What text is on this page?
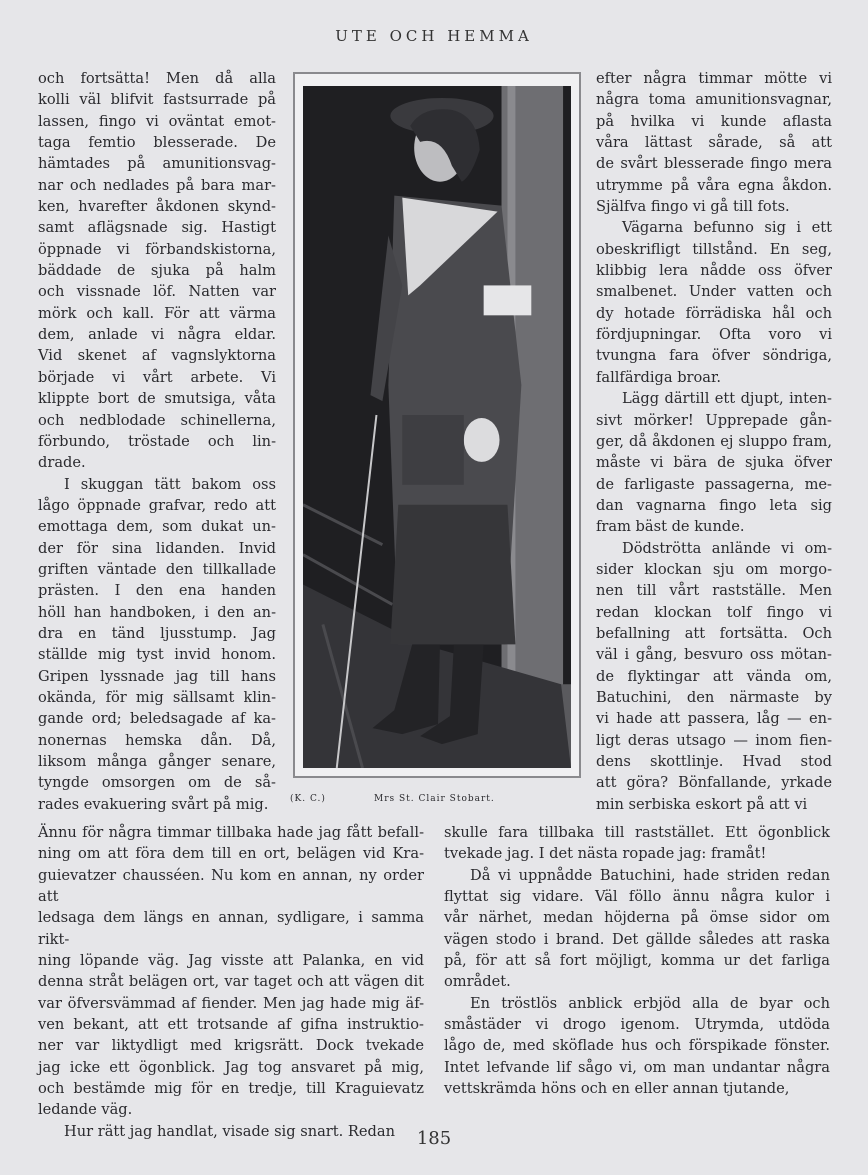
UTE OCH HEMMA

och fortsätta! Men då alla
kolli väl blifvit fastsurrade på
lassen, fingo vi oväntat emot-
taga femtio blesserade. De
hämtades på amunitionsvag-
nar och nedlades på bara mar-
ken, hvarefter åkdonen skynd-
samt aflägsnade sig. Hastigt
öppnade vi förbandskistorna,
bäddade de sjuka på halm
och vissnade löf. Natten var
mörk och kall. För att värma
dem, anlade vi några eldar.
Vid skenet af vagnslyktorna
började vi vårt arbete. Vi
klippte bort de smutsiga, våta
och nedblodade schinellerna,
förbundo, tröstade och lin-
drade.

I skuggan tätt bakom oss
lågo öppnade grafvar, redo att
emottaga dem, som dukat un-
der för sina lidanden. Invid
griften väntade den tillkallade
prästen. I den ena handen
höll han handboken, i den an-
dra en tänd ljusstump. Jag
ställde mig tyst invid honom.
Gripen lyssnade jag till hans
okända, för mig sällsamt klin-
gande ord; beledsagade af ka-
nonernas hemska dån. Då,
liksom många gånger senare,
tyngde omsorgen om de så-
rades evakuering svårt på mig.

efter några timmar mötte vi
några toma amunitionsvagnar,
på hvilka vi kunde aflasta
våra lättast sårade, så att
de svårt blesserade fingo mera
utrymme på våra egna åkdon.
Själfva fingo vi gå till fots.

Vägarna befunno sig i ett
obeskrifligt tillstånd. En seg,
klibbig lera nådde oss öfver
smalbenet. Under vatten och
dy hotade förrädiska hål och
fördjupningar. Ofta voro vi
tvungna fara öfver söndriga,
fallfärdiga broar.

Lägg därtill ett djupt, inten-
sivt mörker! Upprepade gån-
ger, då åkdonen ej sluppo fram,
måste vi bära de sjuka öfver
de farligaste passagerna, me-
dan vagnarna fingo leta sig
fram bäst de kunde.

Dödströtta anlände vi om-
sider klockan sju om morgo-
nen till vårt rastställe. Men
redan klockan tolf fingo vi
befallning att fortsätta. Och
väl i gång, besvuro oss mötan-
de flyktingar att vända om,
Batuchini, den närmaste by
vi hade att passera, låg — en-
ligt deras utsago — inom fien-
dens skottlinje. Hvad stod
att göra? Bönfallande, yrkade
min serbiska eskort på att vi

(K. C.)	Mrs St. Clair Stobart.

Ännu för några timmar tillbaka hade jag fått befall-
ning om att föra dem till en ort, belägen vid Kra-
guievatzer chausséen. Nu kom en annan, ny order att
ledsaga dem längs en annan, sydligare, i samma rikt-
ning löpande väg. Jag visste att Palanka, en vid
denna stråt belägen ort, var taget och att vägen dit
var öfversvämmad af fiender. Men jag hade mig äf-
ven bekant, att ett trotsande af gifna instruktio-
ner var liktydligt med krigsrätt. Dock tvekade
jag icke ett ögonblick. Jag tog ansvaret på mig,
och bestämde mig för en tredje, till Kraguievatz
ledande väg.

Hur rätt jag handlat, visade sig snart. Redan

skulle fara tillbaka till raststället. Ett ögonblick
tvekade jag. I det nästa ropade jag: framåt!

Då vi uppnådde Batuchini, hade striden redan
flyttat sig vidare. Väl föllo ännu några kulor i
vår närhet, medan höjderna på ömse sidor om
vägen stodo i brand. Det gällde således att raska
på, för att så fort möjligt, komma ur det farliga
området.

En tröstlös anblick erbjöd alla de byar och
småstäder vi drogo igenom. Utrymda, utdöda
lågo de, med sköflade hus och förspikade fönster.
Intet lefvande lif sågo vi, om man undantar några
vettskrämda höns och en eller annan tjutande,

185
